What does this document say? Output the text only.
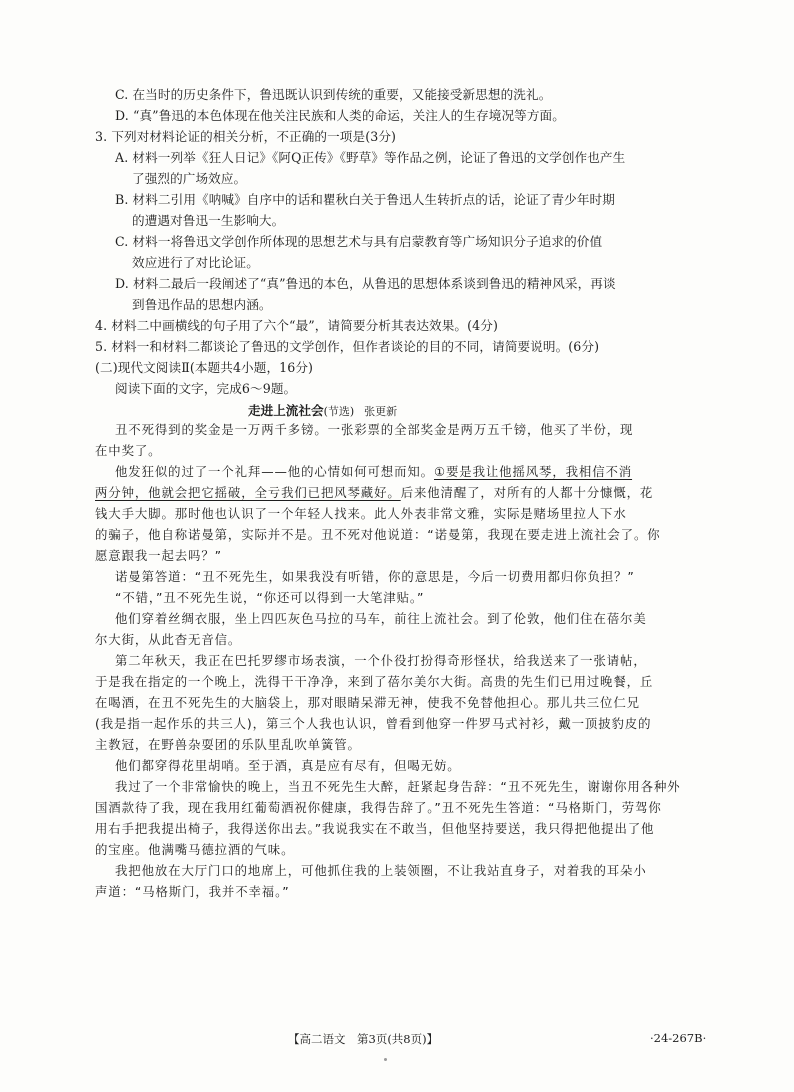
C. 在当时的历史条件下，鲁迅既认识到传统的重要，又能接受新思想的洗礼。
D. “真”鲁迅的本色体现在他关注民族和人类的命运，关注人的生存境况等方面。
3. 下列对材料论证的相关分析，不正确的一项是(3分)
A. 材料一列举《狂人日记》《阿Q正传》《野草》等作品之例，论证了鲁迅的文学创作也产生
了强烈的广场效应。
B. 材料二引用《呐喊》自序中的话和瞿秋白关于鲁迅人生转折点的话，论证了青少年时期
的遭遇对鲁迅一生影响大。
C. 材料一将鲁迅文学创作所体现的思想艺术与具有启蒙教育等广场知识分子追求的价值
效应进行了对比论证。
D. 材料二最后一段阐述了“真”鲁迅的本色，从鲁迅的思想体系谈到鲁迅的精神风采，再谈
到鲁迅作品的思想内涵。
4. 材料二中画横线的句子用了六个“最”，请简要分析其表达效果。(4分)
5. 材料一和材料二都谈论了鲁迅的文学创作，但作者谈论的目的不同，请简要说明。(6分)
(二)现代文阅读Ⅱ(本题共4小题，16分)
阅读下面的文字，完成6～9题。
走进上流社会(节选) 张更新
丑不死得到的奖金是一万两千多镑。一张彩票的全部奖金是两万五千镑，他买了半份，现
在中奖了。
他发狂似的过了一个礼拜——他的心情如何可想而知。①要是我让他摇风琴，我相信不消
两分钟，他就会把它摇破，全亏我们已把风琴藏好。后来他清醒了，对所有的人都十分慷慨，花
钱大手大脚。那时他也认识了一个年轻人找来。此人外表非常文雅，实际是赌场里拉人下水
的骗子，他自称诺曼第，实际并不是。丑不死对他说道：“诺曼第，我现在要走进上流社会了。你
愿意跟我一起去吗？”
诺曼第答道：“丑不死先生，如果我没有听错，你的意思是，今后一切费用都归你负担？”
“不错，”丑不死先生说，“你还可以得到一大笔津贴。”
他们穿着丝绸衣服，坐上四匹灰色马拉的马车，前往上流社会。到了伦敦，他们住在蓓尔美
尔大街，从此杳无音信。
第二年秋天，我正在巴托罗缪市场表演，一个仆役打扮得奇形怪状，给我送来了一张请帖，
于是我在指定的一个晚上，洗得干干净净，来到了蓓尔美尔大街。高贵的先生们已用过晚餐，丘
在喝酒，在丑不死先生的大脑袋上，那对眼睛呆滞无神，使我不免替他担心。那儿共三位仁兄
(我是指一起作乐的共三人)，第三个人我也认识，曾看到他穿一件罗马式衬衫，戴一顶披豹皮的
主教冠，在野兽杂耍团的乐队里乱吹单簧管。
他们都穿得花里胡哨。至于酒，真是应有尽有，但喝无妨。
我过了一个非常愉快的晚上，当丑不死先生大醉，赶紧起身告辞：“丑不死先生，谢谢你用各种外
国酒款待了我，现在我用红葡萄酒祝你健康，我得告辞了。”丑不死先生答道：“马格斯门，劳驾你
用右手把我提出椅子，我得送你出去。”我说我实在不敢当，但他坚持要送，我只得把他提出了他
的宝座。他满嘴马德拉酒的气味。
我把他放在大厅门口的地席上，可他抓住我的上装领圈，不让我站直身子，对着我的耳朵小
声道：“马格斯门，我并不幸福。”
【高二语文　第3页(共8页)】	·24-267B·
